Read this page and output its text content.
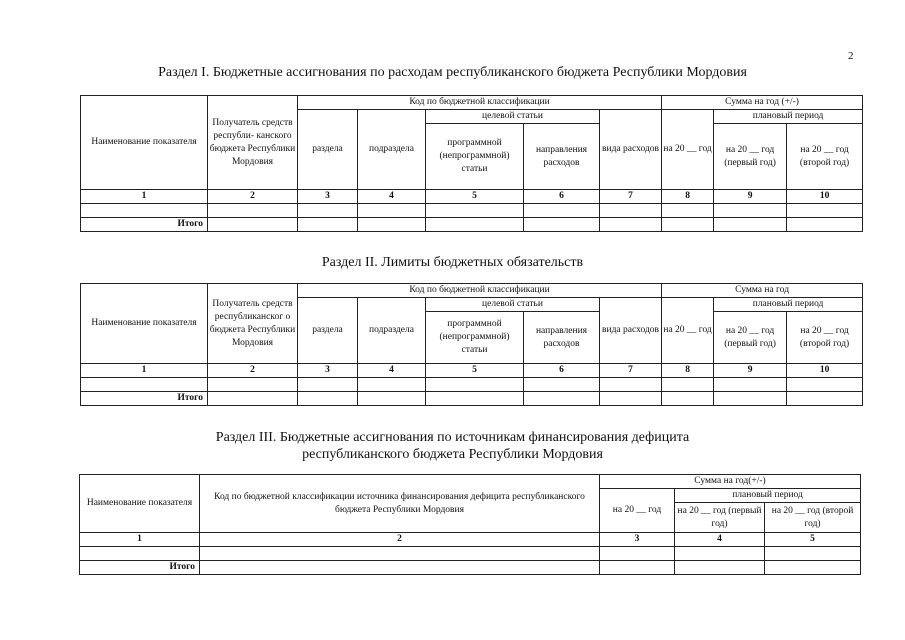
2
Раздел I. Бюджетные ассигнования по расходам республиканского бюджета Республики Мордовия
Наименование показателя	Получатель средств республи- канского бюджета Республики Мордовия	Код по бюджетной классификации					Сумма на год (+/-)		
		раздела	подраздела	целевой статьи		вида расходов	на 20 __ год	плановый период	
				программной (непрограммной) статьи	направления расходов			на 20 __ год (первый год)	на 20 __ год (второй год)
1	2	3	4	5	6	7	8	9	10

Итого									
Раздел II. Лимиты бюджетных обязательств
Наименование показателя	Получатель средств республиканског о бюджета Республики Мордовия	Код по бюджетной классификации					Сумма на год		
		раздела	подраздела	целевой статьи		вида расходов	на 20 __ год	плановый период	
				программной (непрограммной) статьи	направления расходов			на 20 __ год (первый год)	на 20 __ год (второй год)
1	2	3	4	5	6	7	8	9	10

Итого									
Раздел III. Бюджетные ассигнования по источникам финансирования дефицита
республиканского бюджета Республики Мордовия
Наименование показателя	Код по бюджетной классификации источника финансирования дефицита республиканского бюджета Республики Мордовия	Сумма на год(+/-)		
		на 20 __ год	плановый период	
			на 20 __ год (первый год)	на 20 __ год (второй год)
1	2	3	4	5

Итого				
